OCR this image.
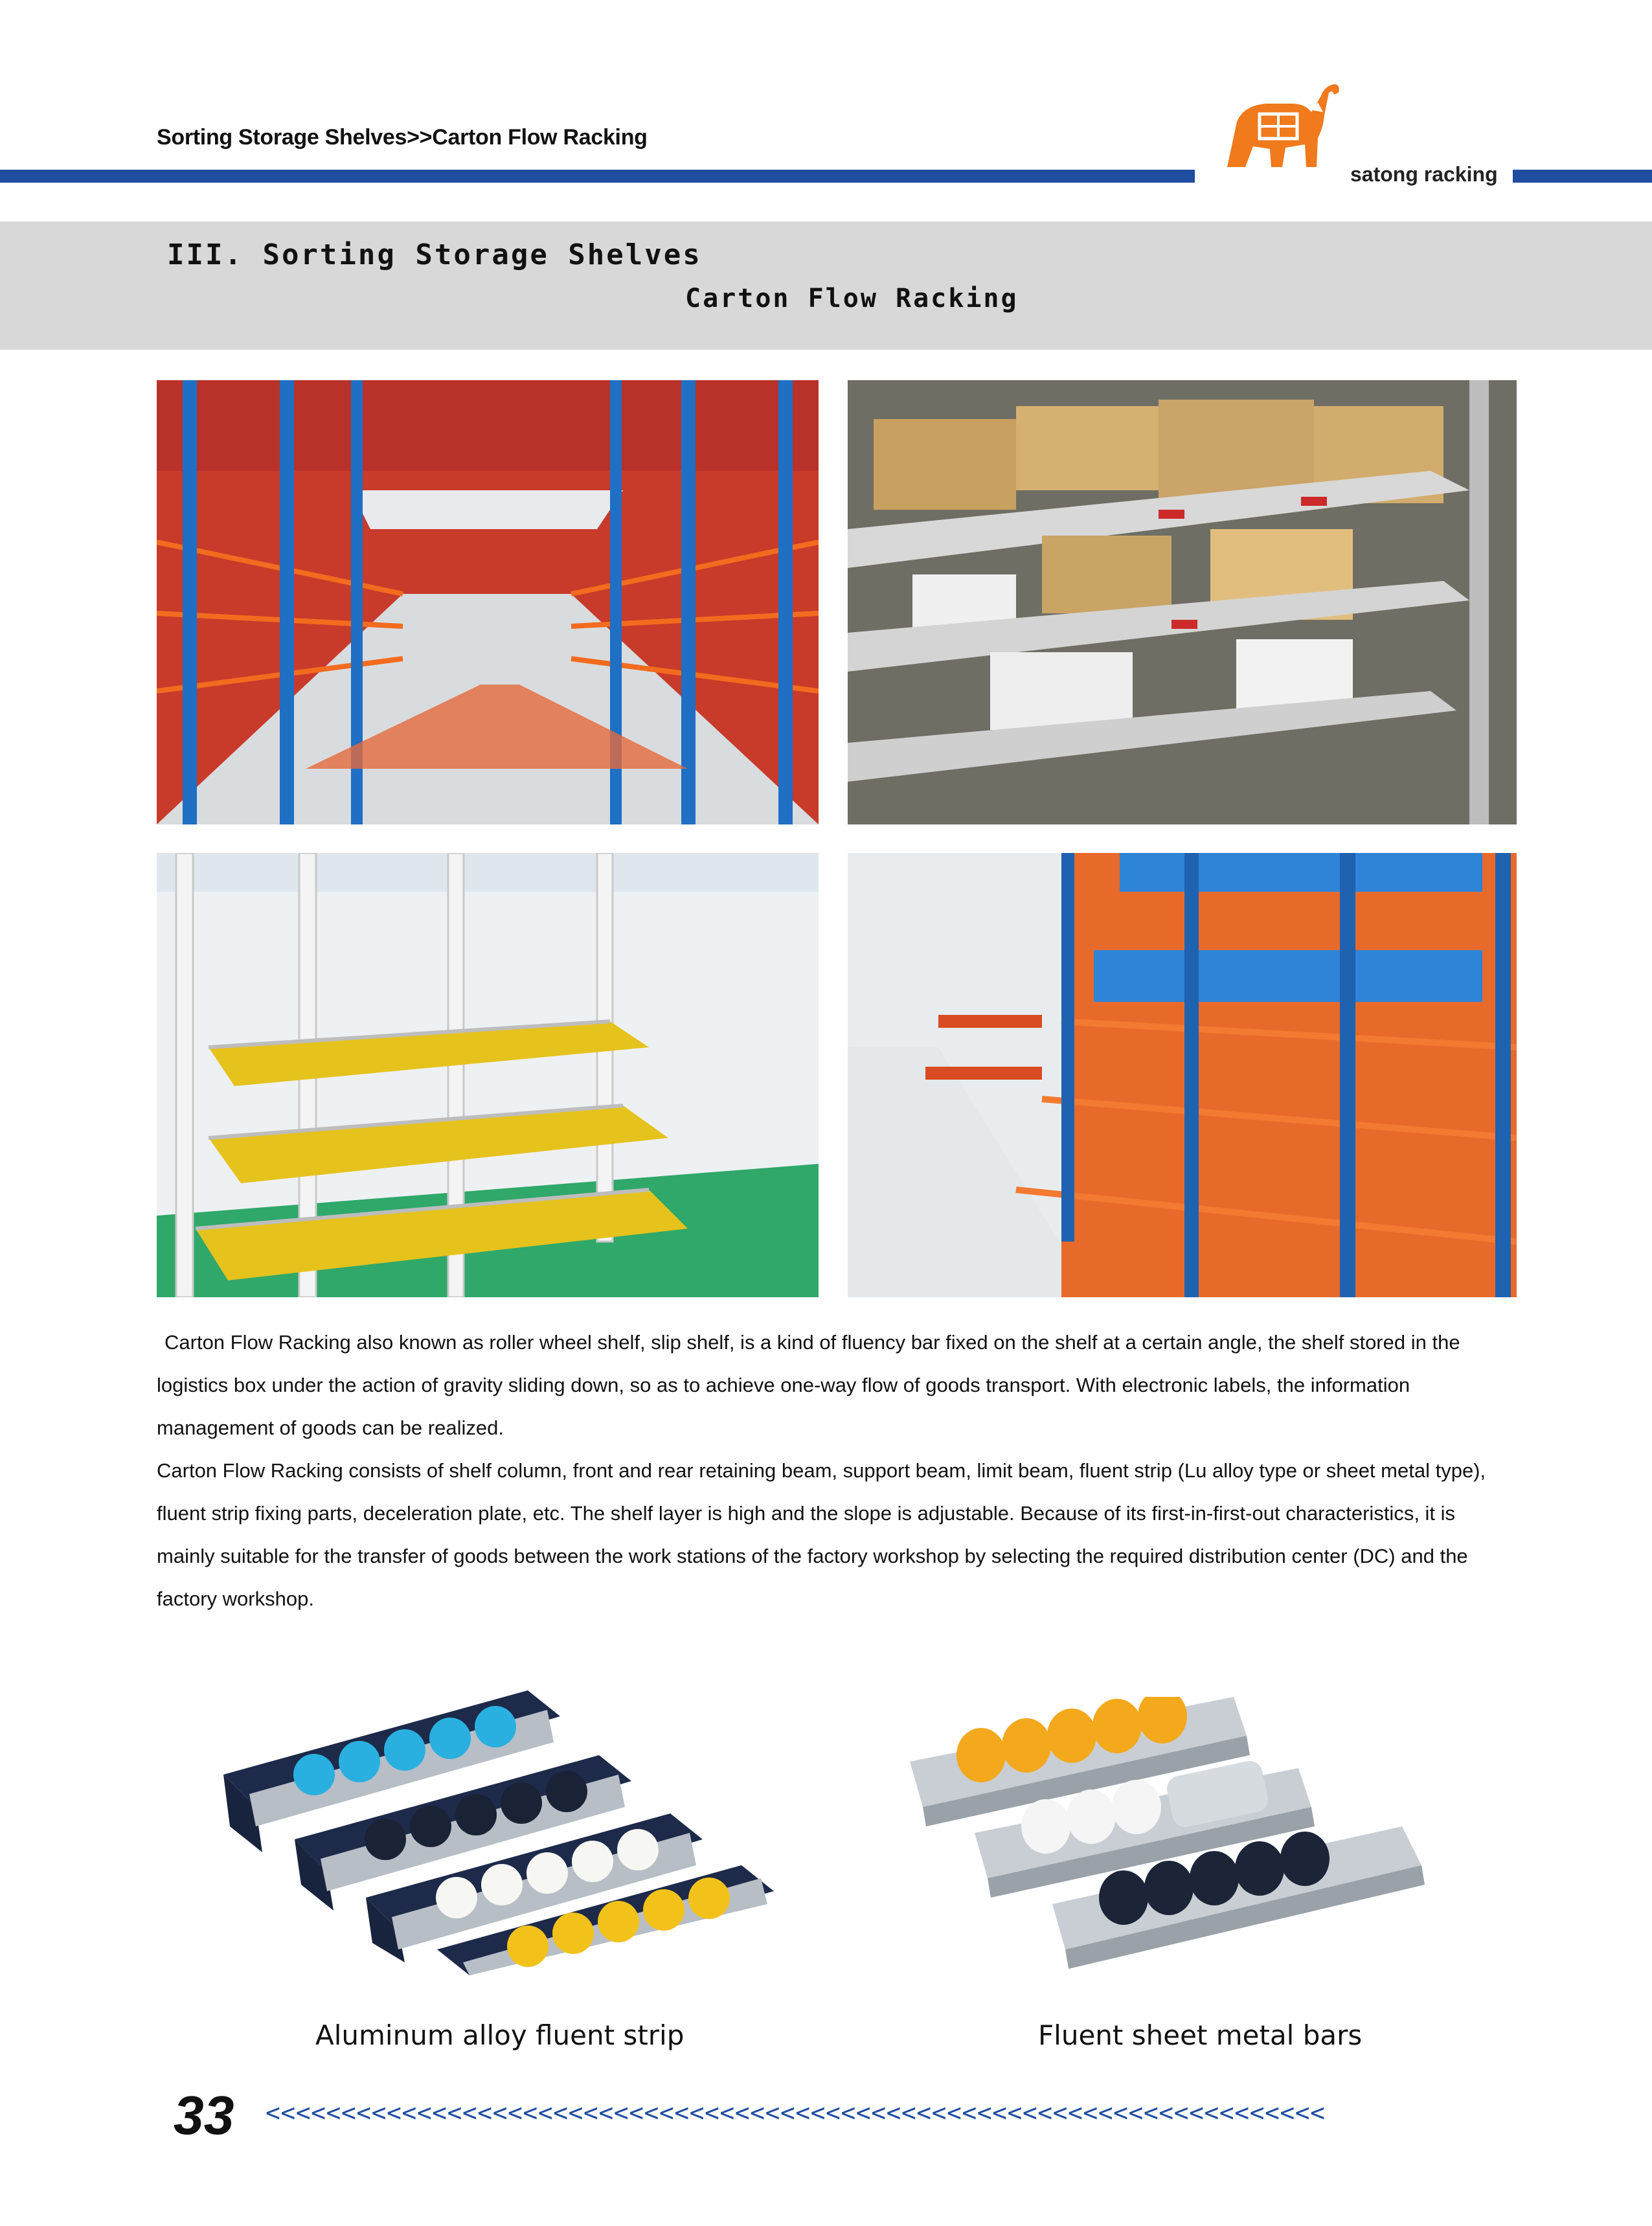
Sorting Storage Shelves>>Carton Flow Racking
satong racking
III. Sorting Storage Shelves
Carton Flow Racking

Carton Flow Racking also known as roller wheel shelf, slip shelf, is a kind of fluency bar fixed on the shelf at a certain angle, the shelf stored in the logistics box under the action of gravity sliding down, so as to achieve one-way flow of goods transport. With electronic labels, the information management of goods can be realized.

Carton Flow Racking consists of shelf column, front and rear retaining beam, support beam, limit beam, fluent strip (Lu alloy type or sheet metal type), fluent strip fixing parts, deceleration plate, etc. The shelf layer is high and the slope is adjustable. Because of its first-in-first-out characteristics, it is mainly suitable for the transfer of goods between the work stations of the factory workshop by selecting the required distribution center (DC) and the factory workshop.

Aluminum alloy fluent strip	Fluent sheet metal bars
33 <<<<<<<<<<<<<<<<<<<<<<<<<<<<<<<<<<<<<<<<<<<<<<<<<<<<<<<<<<<<<<<<<<<<<<
